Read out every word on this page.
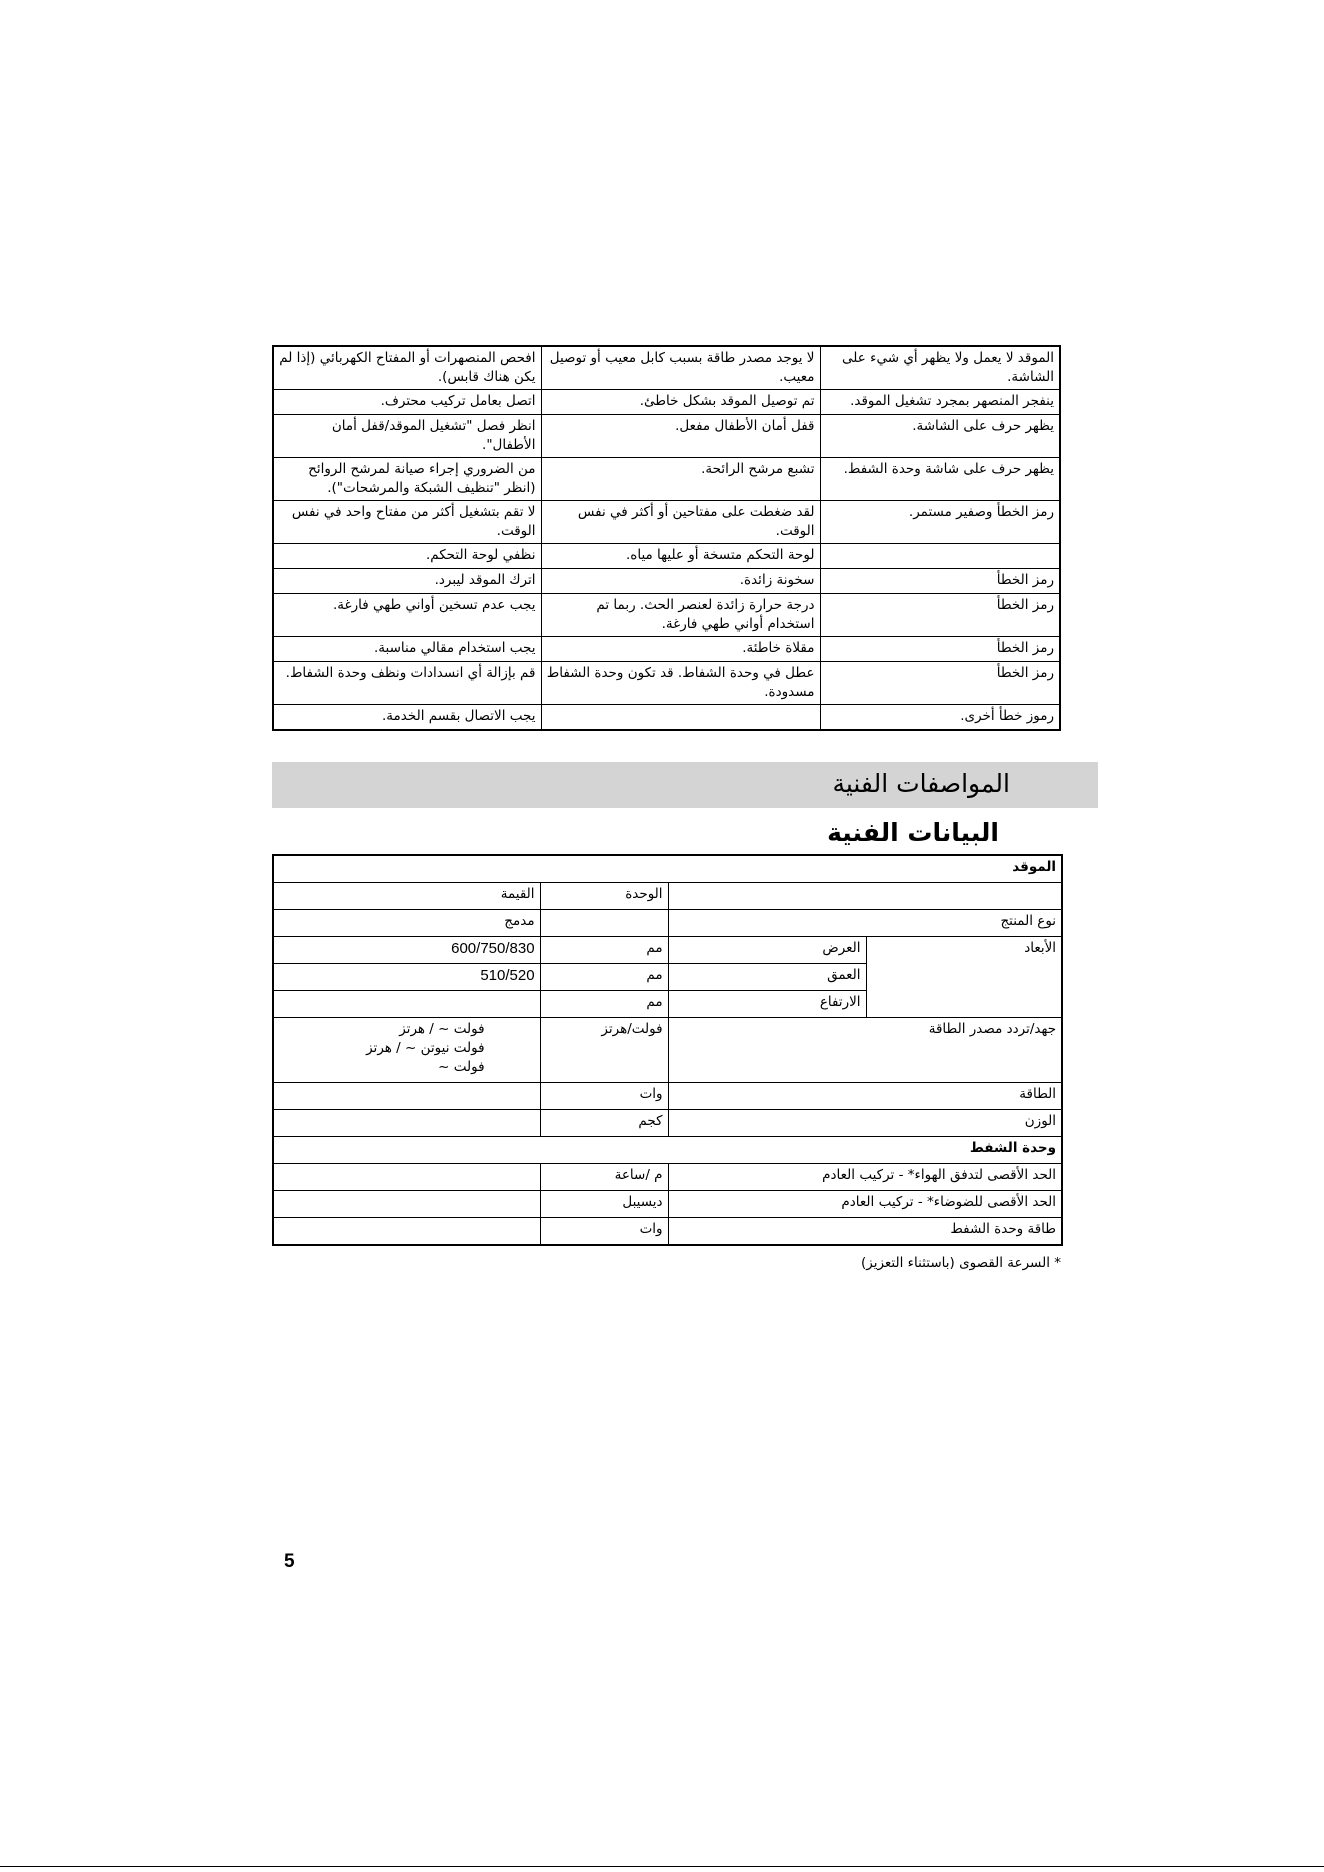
الموقد لا يعمل ولا يظهر أي شيء على الشاشة.	لا يوجد مصدر طاقة بسبب كابل معيب أو توصيل معيب.	افحص المنصهرات أو المفتاح الكهربائي (إذا لم يكن هناك قابس).
ينفجر المنصهر بمجرد تشغيل الموقد.	تم توصيل الموقد بشكل خاطئ.	اتصل بعامل تركيب محترف.
يظهر حرف على الشاشة.	قفل أمان الأطفال مفعل.	انظر فصل "تشغيل الموقد/قفل أمان الأطفال".
يظهر حرف على شاشة وحدة الشفط.	تشبع مرشح الرائحة.	من الضروري إجراء صيانة لمرشح الروائح (انظر "تنظيف الشبكة والمرشحات").
رمز الخطأ وصفير مستمر.	لقد ضغطت على مفتاحين أو أكثر في نفس الوقت.	لا تقم بتشغيل أكثر من مفتاح واحد في نفس الوقت.
	لوحة التحكم متسخة أو عليها مياه.	نظفي لوحة التحكم.
رمز الخطأ	سخونة زائدة.	اترك الموقد ليبرد.
رمز الخطأ	درجة حرارة زائدة لعنصر الحث. ربما تم استخدام أواني طهي فارغة.	يجب عدم تسخين أواني طهي فارغة.
رمز الخطأ	مقلاة خاطئة.	يجب استخدام مقالي مناسبة.
رمز الخطأ	عطل في وحدة الشفاط. قد تكون وحدة الشفاط مسدودة.	قم بإزالة أي انسدادات ونظف وحدة الشفاط.
رموز خطأ أخرى.		يجب الاتصال بقسم الخدمة.
المواصفات الفنية
البيانات الفنية
الموقد			
		الوحدة	القيمة
نوع المنتج			مدمج
الأبعاد	العرض	مم	600/750/830
	العمق	مم	510/520
	الارتفاع	مم	
جهد/تردد مصدر الطاقة		فولت/هرتز	فولت ~ / هرتز
فولت نيوتن ~ / هرتز
فولت ~

الطاقة		وات	
الوزن		كجم	
وحدة الشفط			
الحد الأقصى لتدفق الهواء* - تركيب العادم		م /ساعة	
الحد الأقصى للضوضاء* - تركيب العادم		ديسيبل	
طاقة وحدة الشفط		وات	
* السرعة القصوى (باستثناء التعزيز)
5
